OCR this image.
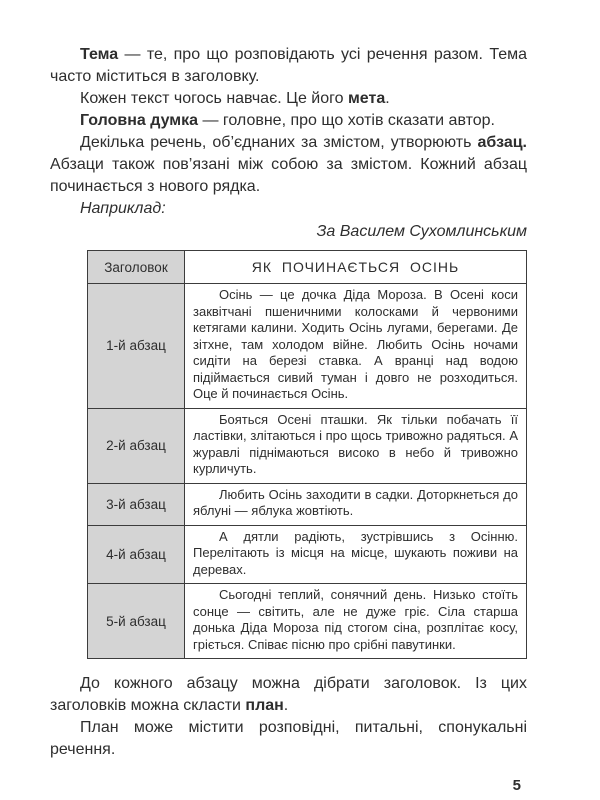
Тема — те, про що розповідають усі речення разом. Тема часто міститься в заголовку.

Кожен текст чогось навчає. Це його мета.

Головна думка — головне, про що хотів сказати автор.

Декілька речень, об’єднаних за змістом, утворюють абзац. Абзаци також пов’язані між собою за змістом. Кожний абзац починається з нового рядка.

Наприклад:

За Василем Сухомлинським

Заголовок	ЯК ПОЧИНАЄТЬСЯ ОСІНЬ
1-й абзац	Осінь — це дочка Діда Мороза. В Осені коси заквітчані пшеничними колосками й червоними кетягами калини. Ходить Осінь лугами, берегами. Де зітхне, там холодом війне. Любить Осінь ночами сидіти на березі ставка. А вранці над водою підіймається сивий туман і довго не розходиться. Оце й починається Осінь.

2-й абзац	Бояться Осені пташки. Як тільки побачать її ластівки, злітаються і про щось тривожно радяться. А журавлі піднімаються високо в небо й тривожно курличуть.

3-й абзац	Любить Осінь заходити в садки. Доторкнеться до яблуні — яблука жовтіють.

4-й абзац	А дятли радіють, зустрівшись з Осінню. Перелітають із місця на місце, шукають поживи на деревах.

5-й абзац	Сьогодні теплий, сонячний день. Низько стоїть сонце — світить, але не дуже гріє. Сіла старша донька Діда Мороза під стогом сіна, розплітає косу, гріється. Співає пісню про срібні павутинки.

До кожного абзацу можна дібрати заголовок. Із цих заголовків можна скласти план.

План може містити розповідні, питальні, спонукальні речення.

5
